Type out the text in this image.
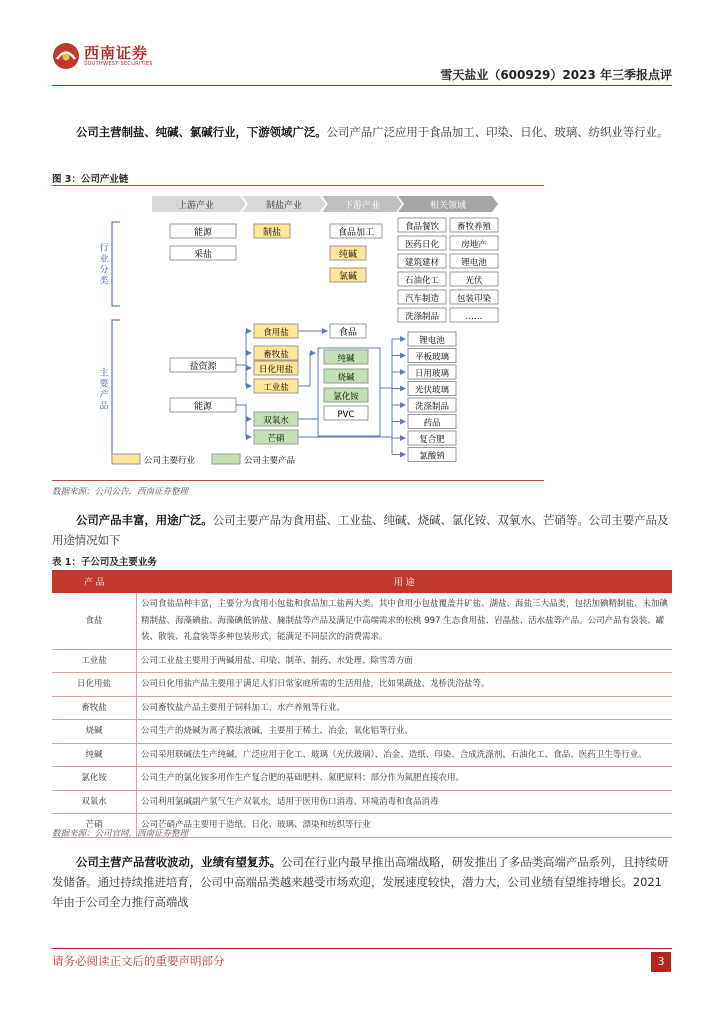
西南证券
SOUTHWEST SECURITIES
雪天盐业（600929）2023 年三季报点评
公司主营制盐、纯碱、氯碱行业，下游领域广泛。公司产品广泛应用于食品加工、印染、日化、玻璃、纺织业等行业。
图 3：公司产业链
上游产业	制盐产业	下游产业	相关领域
行业分类
主要产品
能源
采盐
制盐	食品加工
纯碱
氯碱
食品餐饮 畜牧养殖
医药日化	房地产
建筑建材	锂电池
石油化工	光伏
汽车制造 包装印染
洗涤制品	……
盐资源
能源
食用盐
畜牧盐
日化用盐
工业盐
双氧水
芒硝
食品
纯碱
烧碱
氯化铵
PVC
锂电池
平板玻璃
日用玻璃
光伏玻璃
洗涤制品
药品
复合肥
氯酸钠
公司主要行业	公司主要产品
数据来源：公司公告，西南证券整理
公司产品丰富，用途广泛。公司主要产品为食用盐、工业盐、纯碱、烧碱、氯化铵、双氧水、芒硝等。公司主要产品及用途情况如下
表 1：子公司及主要业务
产 品	用 途
食盐	公司食盐品种丰富，主要分为食用小包盐和食品加工盐两大类。其中食用小包盐覆盖井矿盐、湖盐、海盐三大品类，包括加碘精制盐、未加碘精制盐、海藻碘盐、海藻碘低钠盐、腌制盐等产品及满足中高端需求的松桃 997 生态食用盐、岩晶盐、活水盐等产品。公司产品有袋装、罐装、散装、礼盒装等多种包装形式，能满足不同层次的消费需求。
工业盐	公司工业盐主要用于两碱用盐、印染、制革、制药、水处理、除雪等方面
日化用盐	公司日化用盐产品主要用于满足人们日常家庭所需的生活用盐，比如果蔬盐、龙桥洗浴盐等。
畜牧盐	公司畜牧盐产品主要用于饲料加工、水产养殖等行业。
烧碱	公司生产的烧碱为离子膜法液碱，主要用于稀土、冶金，氧化铝等行业。
纯碱	公司采用联碱法生产纯碱，广泛应用于化工、玻璃（光伏玻璃）、冶金、造纸、印染、合成洗涤剂、石油化工、食品、医药卫生等行业。
氯化铵	公司生产的氯化铵多用作生产复合肥的基础肥料、氮肥原料；部分作为氮肥直接农用。
双氧水	公司利用氯碱副产氢气生产双氧水，适用于医用伤口消毒、环境消毒和食品消毒
芒硝	公司芒硝产品主要用于造纸、日化、玻璃、漂染和纺织等行业
数据来源：公司官网，西南证券整理
公司主营产品营收波动，业绩有望复苏。公司在行业内最早推出高端战略，研发推出了多品类高端产品系列，且持续研发储备。通过持续推进培育，公司中高端品类越来越受市场欢迎，发展速度较快，潜力大，公司业绩有望维持增长。2021 年由于公司全力推行高端战
请务必阅读正文后的重要声明部分	3
